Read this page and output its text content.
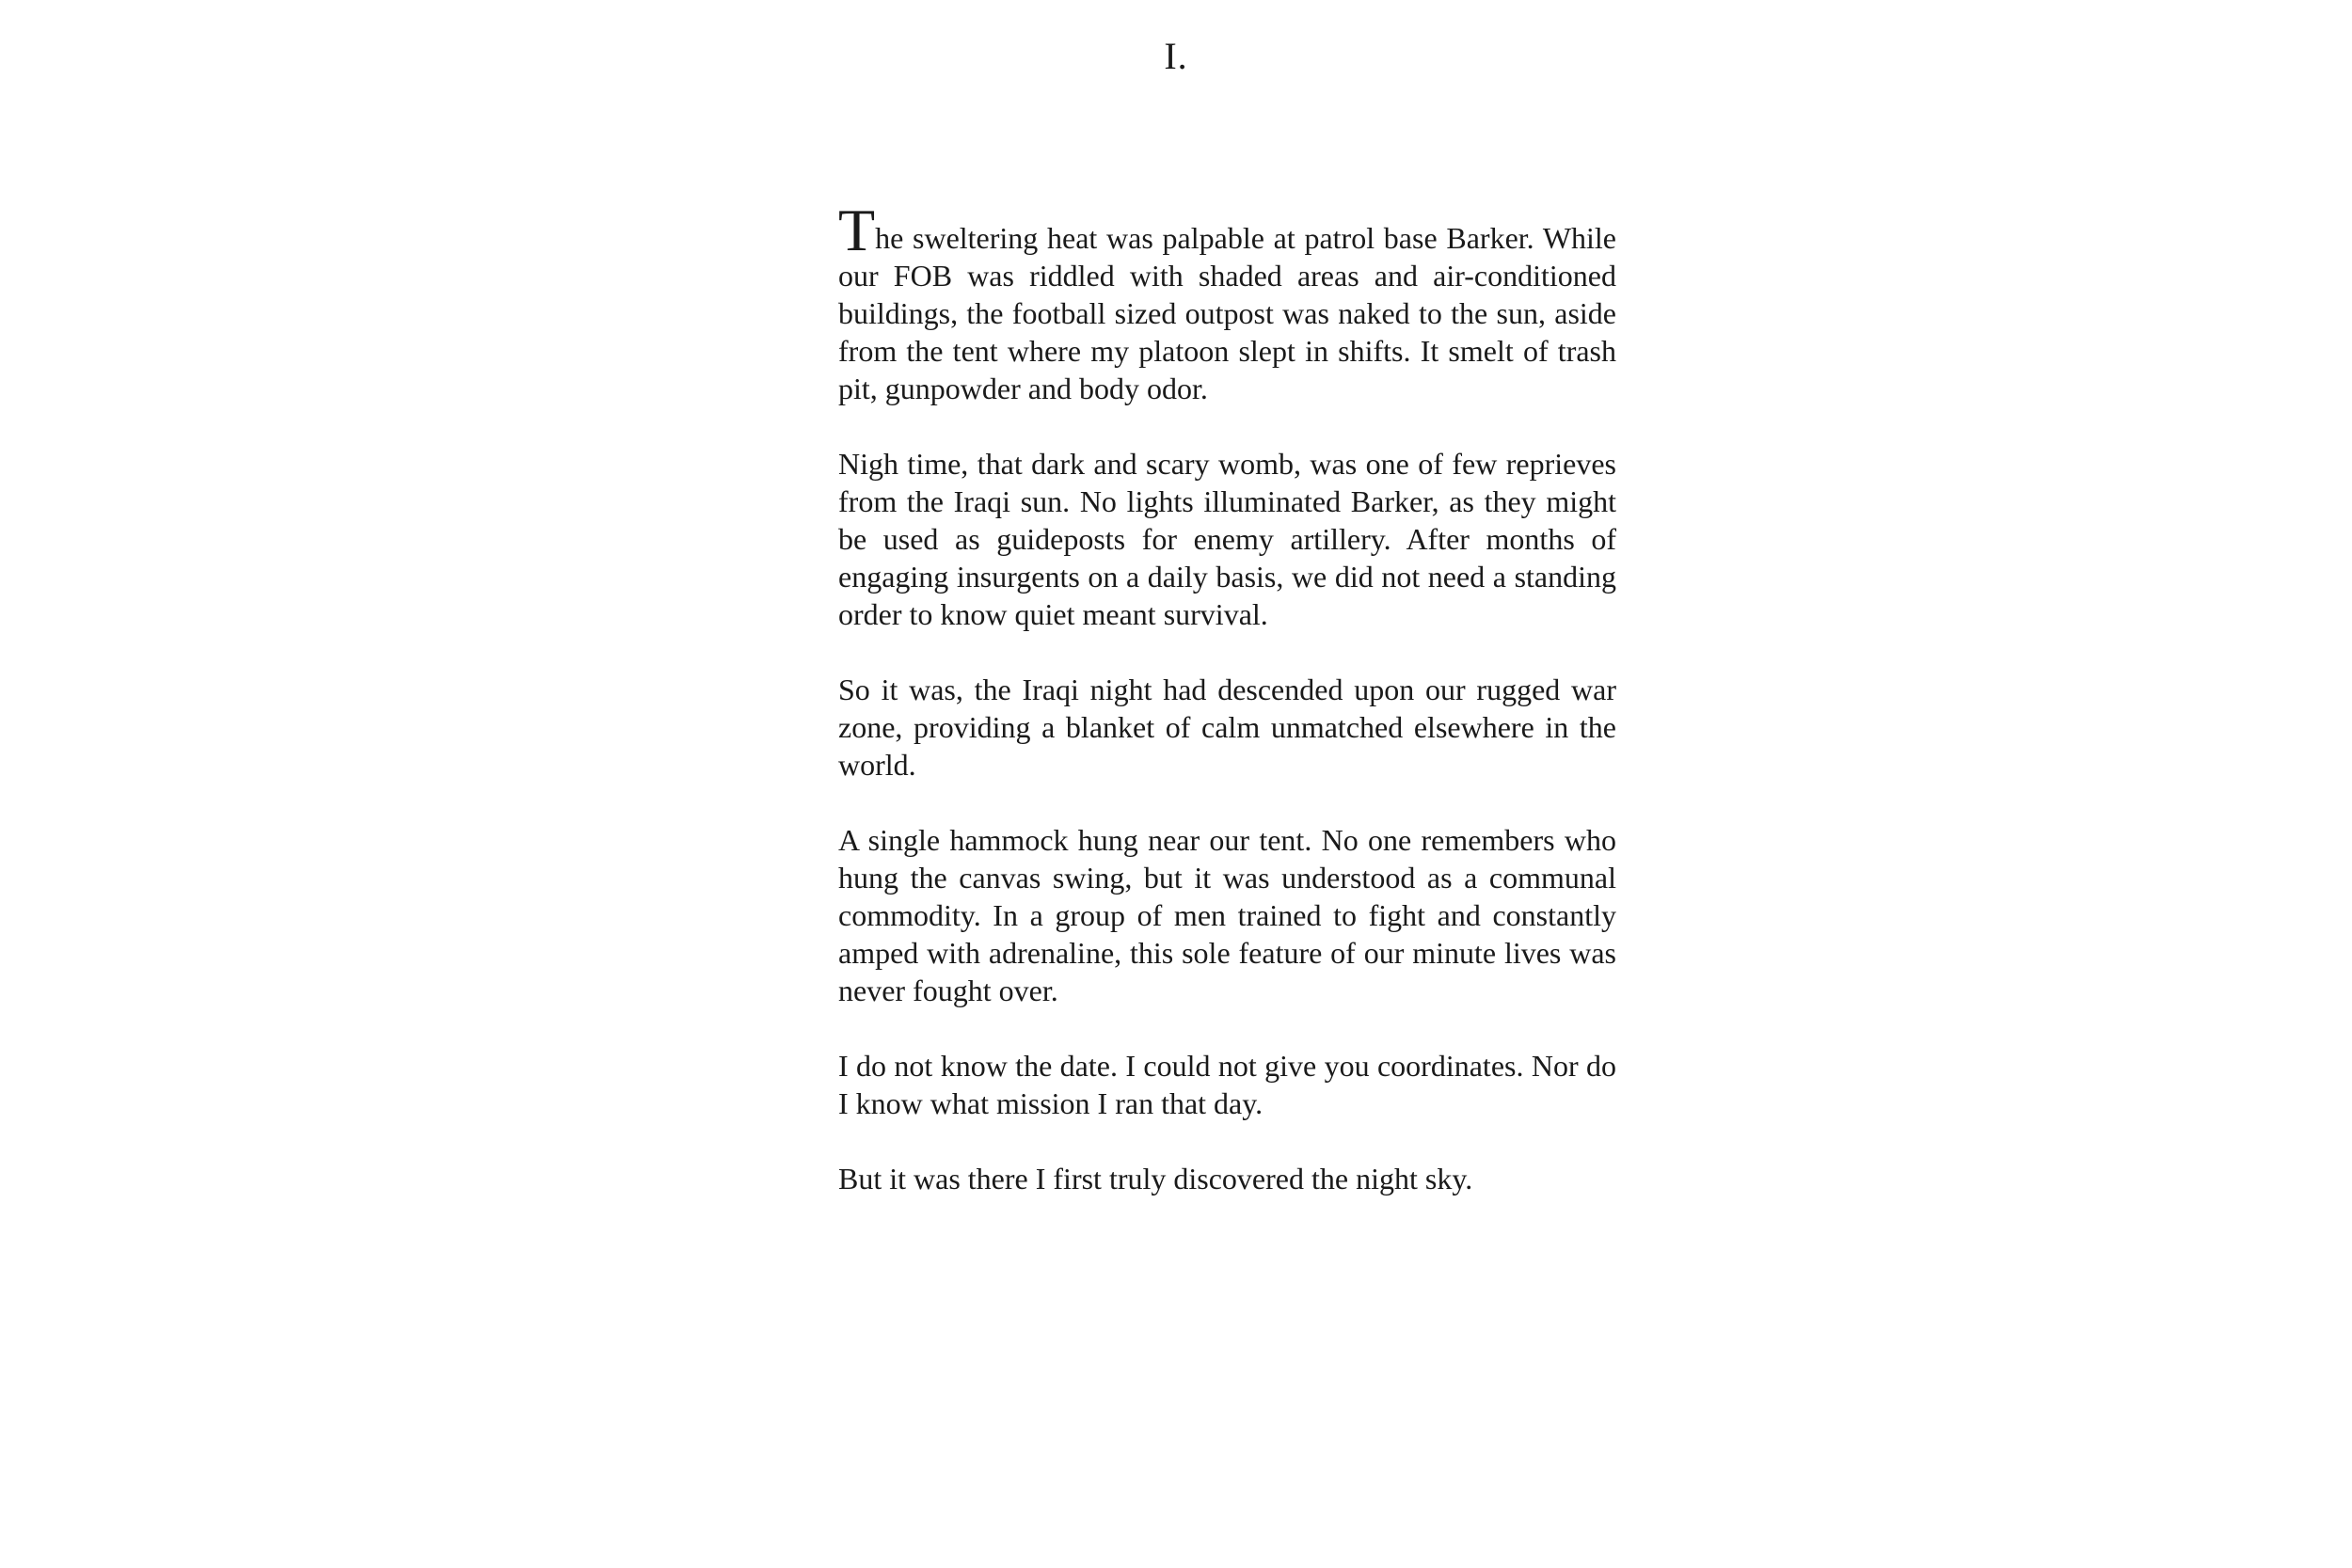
I.

The sweltering heat was palpable at patrol base Barker. While our FOB was riddled with shaded areas and air-conditioned buildings, the football sized outpost was naked to the sun, aside from the tent where my platoon slept in shifts. It smelt of trash pit, gunpowder and body odor.

Nigh time, that dark and scary womb, was one of few reprieves from the Iraqi sun. No lights illuminated Barker, as they might be used as guideposts for enemy artillery. After months of engaging insurgents on a daily basis, we did not need a standing order to know quiet meant survival.

So it was, the Iraqi night had descended upon our rugged war zone, providing a blanket of calm unmatched elsewhere in the world.

A single hammock hung near our tent. No one remembers who hung the canvas swing, but it was understood as a communal commodity. In a group of men trained to fight and constantly amped with adrenaline, this sole feature of our minute lives was never fought over.

I do not know the date. I could not give you coordinates. Nor do I know what mission I ran that day.

But it was there I first truly discovered the night sky.
